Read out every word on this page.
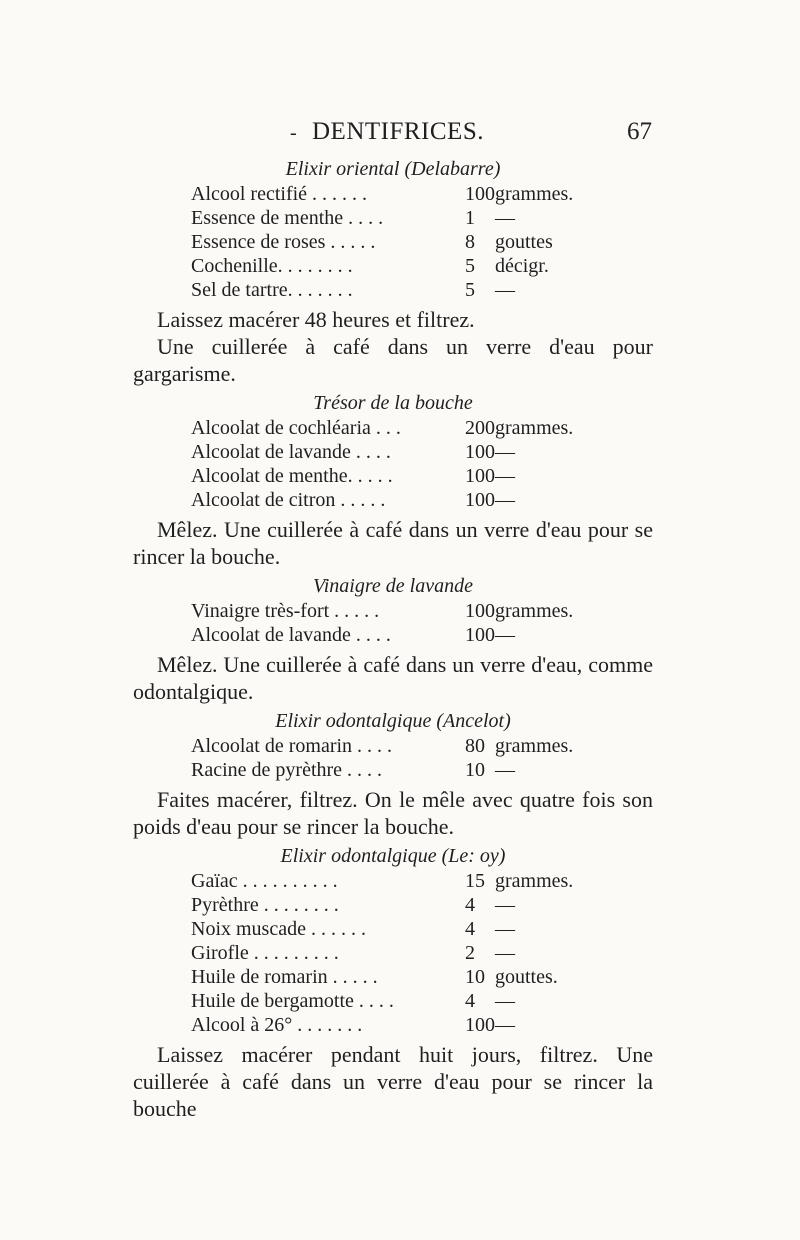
- DENTIFRICES.	67
Elixir oriental (Delabarre)
Alcool rectifié . . . . . .	100grammes.
Essence de menthe . . . .	1 —
Essence de roses . . . . .	8 gouttes
Cochenille. . . . . . . .	5 décigr.
Sel de tartre. . . . . . .	5 —

Laissez macérer 48 heures et filtrez.

Une cuillerée à café dans un verre d'eau pour gargarisme.

Trésor de la bouche
Alcoolat de cochléaria . . .	200grammes.
Alcoolat de lavande . . . .	100—
Alcoolat de menthe. . . . .	100—
Alcoolat de citron . . . . .	100—

Mêlez. Une cuillerée à café dans un verre d'eau pour se rincer la bouche.

Vinaigre de lavande
Vinaigre très-fort . . . . .	100grammes.
Alcoolat de lavande . . . .	100—

Mêlez. Une cuillerée à café dans un verre d'eau, comme odontalgique.

Elixir odontalgique (Ancelot)
Alcoolat de romarin . . . .	80 grammes.
Racine de pyrèthre . . . .	10 —

Faites macérer, filtrez. On le mêle avec quatre fois son poids d'eau pour se rincer la bouche.

Elixir odontalgique (Le: oy)
Gaïac . . . . . . . . . .	15 grammes.
Pyrèthre . . . . . . . .	4 —
Noix muscade . . . . . .	4 —
Girofle . . . . . . . . .	2 —
Huile de romarin . . . . .	10 gouttes.
Huile de bergamotte . . . .	4 —
Alcool à 26° . . . . . . .	100—

Laissez macérer pendant huit jours, filtrez. Une cuillerée à café dans un verre d'eau pour se rincer la bouche
